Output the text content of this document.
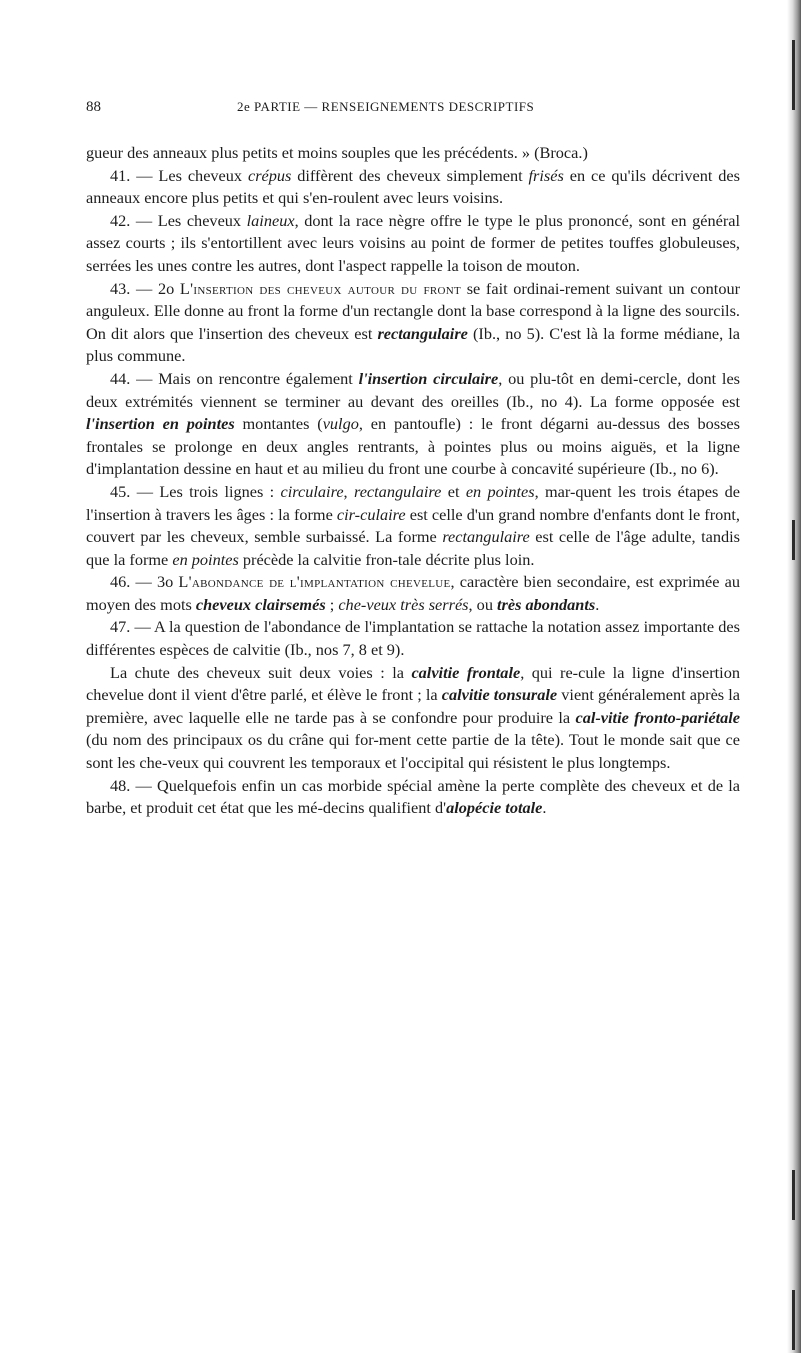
88	2e PARTIE — RENSEIGNEMENTS DESCRIPTIFS

gueur des anneaux plus petits et moins souples que les précédents. » (Broca.)

41. — Les cheveux crépus diffèrent des cheveux simplement frisés en ce qu'ils décrivent des anneaux encore plus petits et qui s'en-roulent avec leurs voisins.

42. — Les cheveux laineux, dont la race nègre offre le type le plus prononcé, sont en général assez courts ; ils s'entortillent avec leurs voisins au point de former de petites touffes globuleuses, serrées les unes contre les autres, dont l'aspect rappelle la toison de mouton.

43. — 2o L'insertion des cheveux autour du front se fait ordinai-rement suivant un contour anguleux. Elle donne au front la forme d'un rectangle dont la base correspond à la ligne des sourcils. On dit alors que l'insertion des cheveux est rectangulaire (Ib., no 5). C'est là la forme médiane, la plus commune.

44. — Mais on rencontre également l'insertion circulaire, ou plu-tôt en demi-cercle, dont les deux extrémités viennent se terminer au devant des oreilles (Ib., no 4). La forme opposée est l'insertion en pointes montantes (vulgo, en pantoufle) : le front dégarni au-dessus des bosses frontales se prolonge en deux angles rentrants, à pointes plus ou moins aiguës, et la ligne d'implantation dessine en haut et au milieu du front une courbe à concavité supérieure (Ib., no 6).

45. — Les trois lignes : circulaire, rectangulaire et en pointes, mar-quent les trois étapes de l'insertion à travers les âges : la forme cir-culaire est celle d'un grand nombre d'enfants dont le front, couvert par les cheveux, semble surbaissé. La forme rectangulaire est celle de l'âge adulte, tandis que la forme en pointes précède la calvitie fron-tale décrite plus loin.

46. — 3o L'abondance de l'implantation chevelue, caractère bien secondaire, est exprimée au moyen des mots cheveux clairsemés ; che-veux très serrés, ou très abondants.

47. — A la question de l'abondance de l'implantation se rattache la notation assez importante des différentes espèces de calvitie (Ib., nos 7, 8 et 9).

La chute des cheveux suit deux voies : la calvitie frontale, qui re-cule la ligne d'insertion chevelue dont il vient d'être parlé, et élève le front ; la calvitie tonsurale vient généralement après la première, avec laquelle elle ne tarde pas à se confondre pour produire la cal-vitie fronto-pariétale (du nom des principaux os du crâne qui for-ment cette partie de la tête). Tout le monde sait que ce sont les che-veux qui couvrent les temporaux et l'occipital qui résistent le plus longtemps.

48. — Quelquefois enfin un cas morbide spécial amène la perte complète des cheveux et de la barbe, et produit cet état que les mé-decins qualifient d'alopécie totale.
